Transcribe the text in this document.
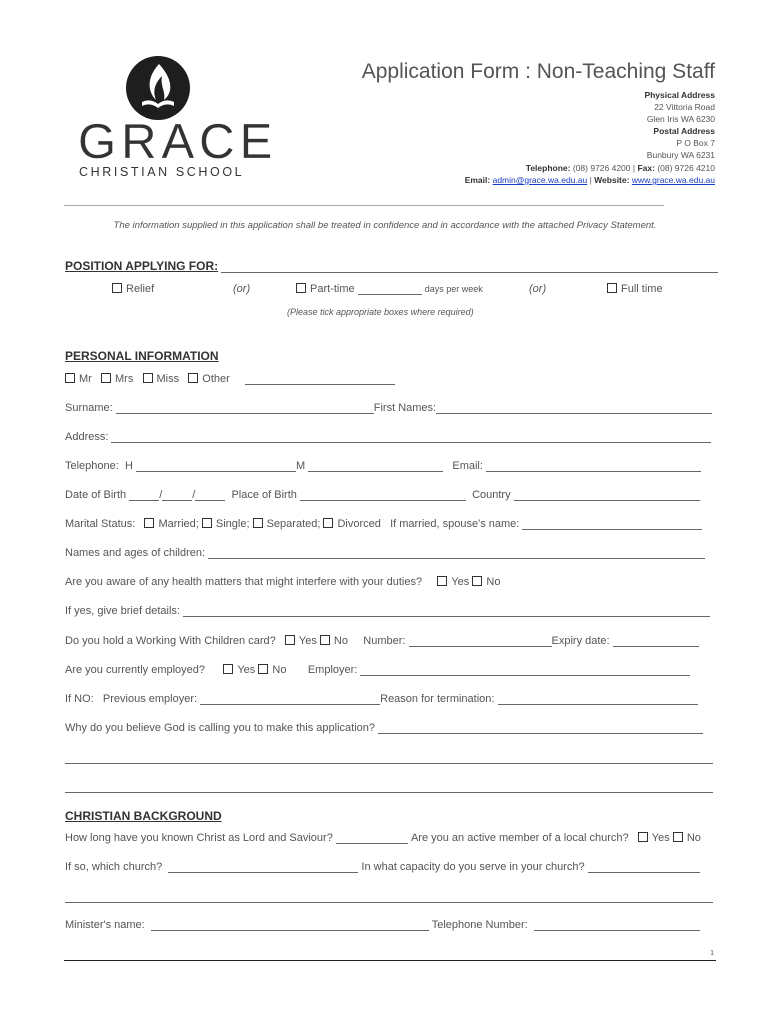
GRACE
CHRISTIAN SCHOOL
Application Form : Non-Teaching Staff
Physical Address
22 Vittoria Road
Glen Iris WA 6230
Postal Address
P O Box 7
Bunbury WA 6231
Telephone: (08) 9726 4200 | Fax: (08) 9726 4210
Email: admin@grace.wa.edu.au | Website: www.grace.wa.edu.au
The information supplied in this application shall be treated in confidence and in accordance with the attached Privacy Statement.
POSITION APPLYING FOR:
Relief	(or)	Part-time	days per week	(or)	Full time
(Please tick appropriate boxes where required)
PERSONAL INFORMATION
Mr Mrs Miss Other
Surname:	First Names:
Address:
Telephone: H	M	Email:
Date of Birth	/	/	Place of Birth	Country
Marital Status: Married; Single; Separated; Divorced If married, spouse's name:
Names and ages of children:
Are you aware of any health matters that might interfere with your duties?	Yes No
If yes, give brief details:
Do you hold a Working With Children card? Yes No Number:	Expiry date:
Are you currently employed?	Yes No Employer:
If NO: Previous employer:	Reason for termination:
Why do you believe God is calling you to make this application?
CHRISTIAN BACKGROUND
How long have you known Christ as Lord and Saviour?	Are you an active member of a local church? Yes No
If so, which church?	In what capacity do you serve in your church?
Minister's name:	Telephone Number:
1
